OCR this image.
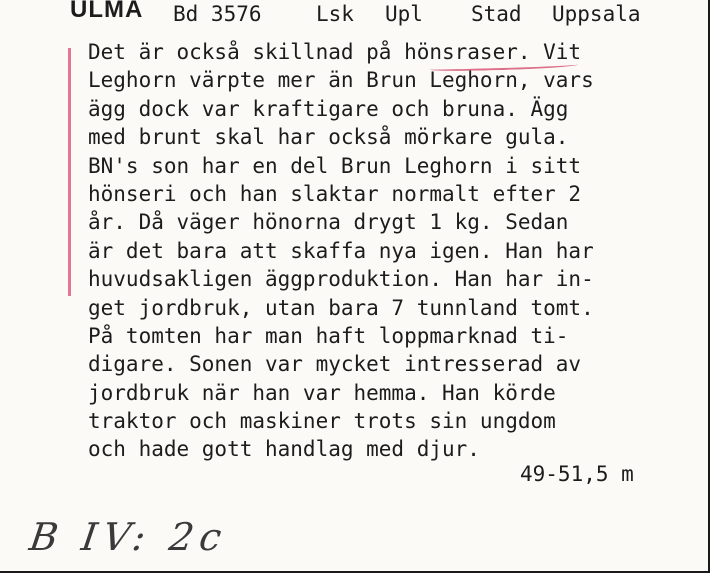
ULMA Bd 3576	Lsk Upl Stad Uppsala
Det är också skillnad på hönsraser. Vit
Leghorn värpte mer än Brun Leghorn, vars
ägg dock var kraftigare och bruna. Ägg
med brunt skal har också mörkare gula.
BN's son har en del Brun Leghorn i sitt
hönseri och han slaktar normalt efter 2
år. Då väger hönorna drygt 1 kg. Sedan
är det bara att skaffa nya igen. Han har
huvudsakligen äggproduktion. Han har in-
get jordbruk, utan bara 7 tunnland tomt.
På tomten har man haft loppmarknad ti-
digare. Sonen var mycket intresserad av
jordbruk när han var hemma. Han körde
traktor och maskiner trots sin ungdom
och hade gott handlag med djur.
49-51,5 m
B IV: 2c
